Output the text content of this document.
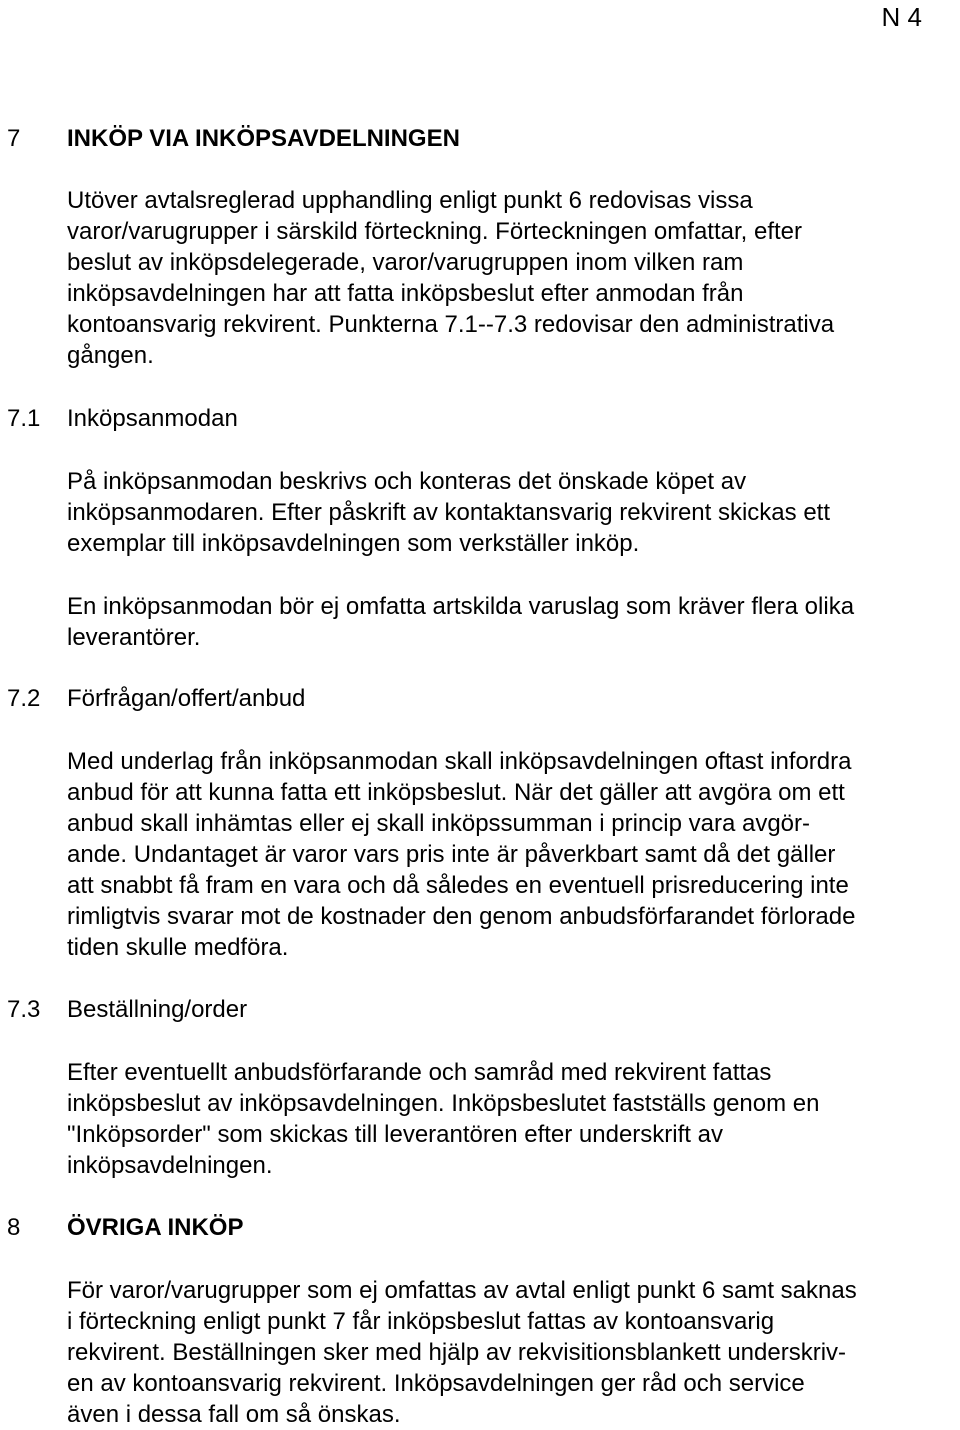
N 4
7 INKÖP VIA INKÖPSAVDELNINGEN
Utöver avtalsreglerad upphandling enligt punkt 6 redovisas vissa
varor/varugrupper i särskild förteckning. Förteckningen omfattar, efter
beslut av inköpsdelegerade, varor/varugruppen inom vilken ram
inköpsavdelningen har att fatta inköpsbeslut efter anmodan från
kontoansvarig rekvirent. Punkterna 7.1--7.3 redovisar den administrativa
gången.
7.1 Inköpsanmodan
På inköpsanmodan beskrivs och konteras det önskade köpet av
inköpsanmodaren. Efter påskrift av kontaktansvarig rekvirent skickas ett
exemplar till inköpsavdelningen som verkställer inköp.
En inköpsanmodan bör ej omfatta artskilda varuslag som kräver flera olika
leverantörer.
7.2 Förfrågan/offert/anbud
Med underlag från inköpsanmodan skall inköpsavdelningen oftast infordra
anbud för att kunna fatta ett inköpsbeslut. När det gäller att avgöra om ett
anbud skall inhämtas eller ej skall inköpssumman i princip vara avgör-
ande. Undantaget är varor vars pris inte är påverkbart samt då det gäller
att snabbt få fram en vara och då således en eventuell prisreducering inte
rimligtvis svarar mot de kostnader den genom anbudsförfarandet förlorade
tiden skulle medföra.
7.3 Beställning/order
Efter eventuellt anbudsförfarande och samråd med rekvirent fattas
inköpsbeslut av inköpsavdelningen. Inköpsbeslutet fastställs genom en
"Inköpsorder" som skickas till leverantören efter underskrift av
inköpsavdelningen.
8 ÖVRIGA INKÖP
För varor/varugrupper som ej omfattas av avtal enligt punkt 6 samt saknas
i förteckning enligt punkt 7 får inköpsbeslut fattas av kontoansvarig
rekvirent. Beställningen sker med hjälp av rekvisitionsblankett underskriv-
en av kontoansvarig rekvirent. Inköpsavdelningen ger råd och service
även i dessa fall om så önskas.
